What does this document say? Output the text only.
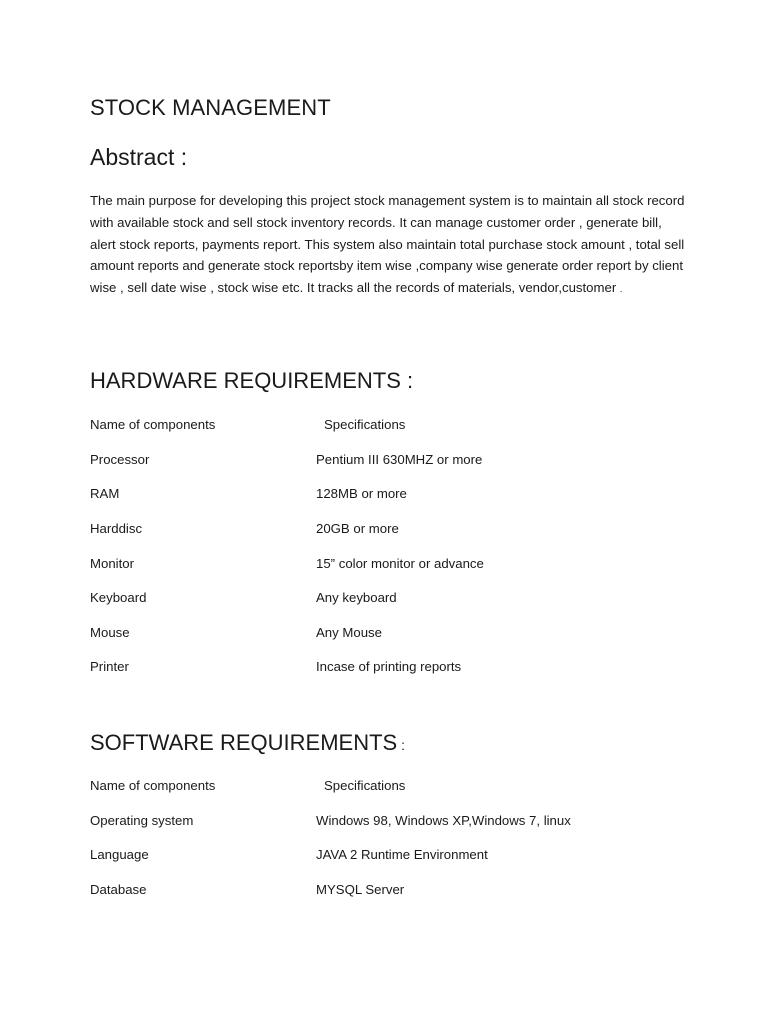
STOCK MANAGEMENT
Abstract :
The main purpose for developing this project stock management system is to maintain all stock record with available stock and sell stock inventory records. It can manage customer order , generate bill, alert stock reports, payments report. This system also maintain total purchase stock amount , total sell amount reports and generate stock reportsby item wise ,company wise generate order report by client wise , sell date wise , stock wise etc. It tracks all the records of materials, vendor,customer .
HARDWARE REQUIREMENTS :
Name of components	Specifications
Processor	Pentium III 630MHZ or more
RAM	128MB or more
Harddisc	20GB or more
Monitor	15” color monitor or advance
Keyboard	Any keyboard
Mouse	Any Mouse
Printer	Incase of printing reports
SOFTWARE REQUIREMENTS :
Name of components	Specifications
Operating system	Windows 98, Windows XP,Windows 7, linux
Language	JAVA 2 Runtime Environment
Database	MYSQL Server
